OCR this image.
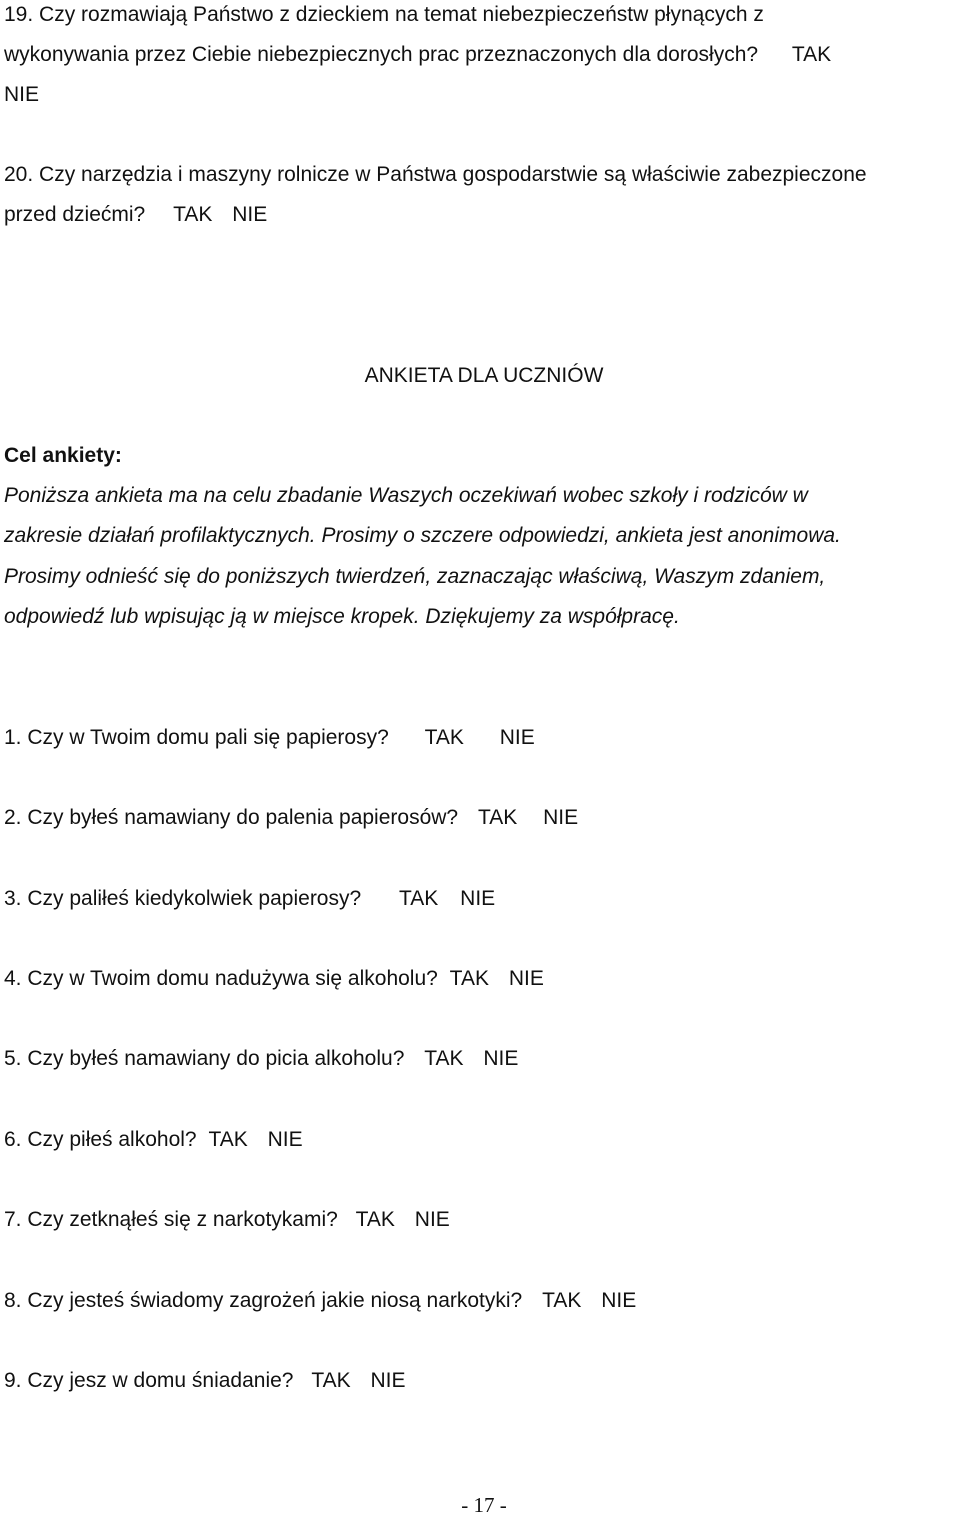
19. Czy rozmawiają Państwo z dzieckiem na temat niebezpieczeństw płynących z
wykonywania przez Ciebie niebezpiecznych prac przeznaczonych dla dorosłych? TAK
NIE
20. Czy narzędzia i maszyny rolnicze w Państwa gospodarstwie są właściwie zabezpieczone
przed dziećmi? TAK NIE
ANKIETA DLA UCZNIÓW
Cel ankiety:
Poniższa ankieta ma na celu zbadanie Waszych oczekiwań wobec szkoły i rodziców w
zakresie działań profilaktycznych. Prosimy o szczere odpowiedzi, ankieta jest anonimowa.
Prosimy odnieść się do poniższych twierdzeń, zaznaczając właściwą, Waszym zdaniem,
odpowiedź lub wpisując ją w miejsce kropek. Dziękujemy za współpracę.
1. Czy w Twoim domu pali się papierosy? TAK NIE
2. Czy byłeś namawiany do palenia papierosów? TAK NIE
3. Czy paliłeś kiedykolwiek papierosy? TAK NIE
4. Czy w Twoim domu nadużywa się alkoholu? TAK NIE
5. Czy byłeś namawiany do picia alkoholu? TAK NIE
6. Czy piłeś alkohol? TAK NIE
7. Czy zetknąłeś się z narkotykami? TAK NIE
8. Czy jesteś świadomy zagrożeń jakie niosą narkotyki? TAK NIE
9. Czy jesz w domu śniadanie? TAK NIE
- 17 -
